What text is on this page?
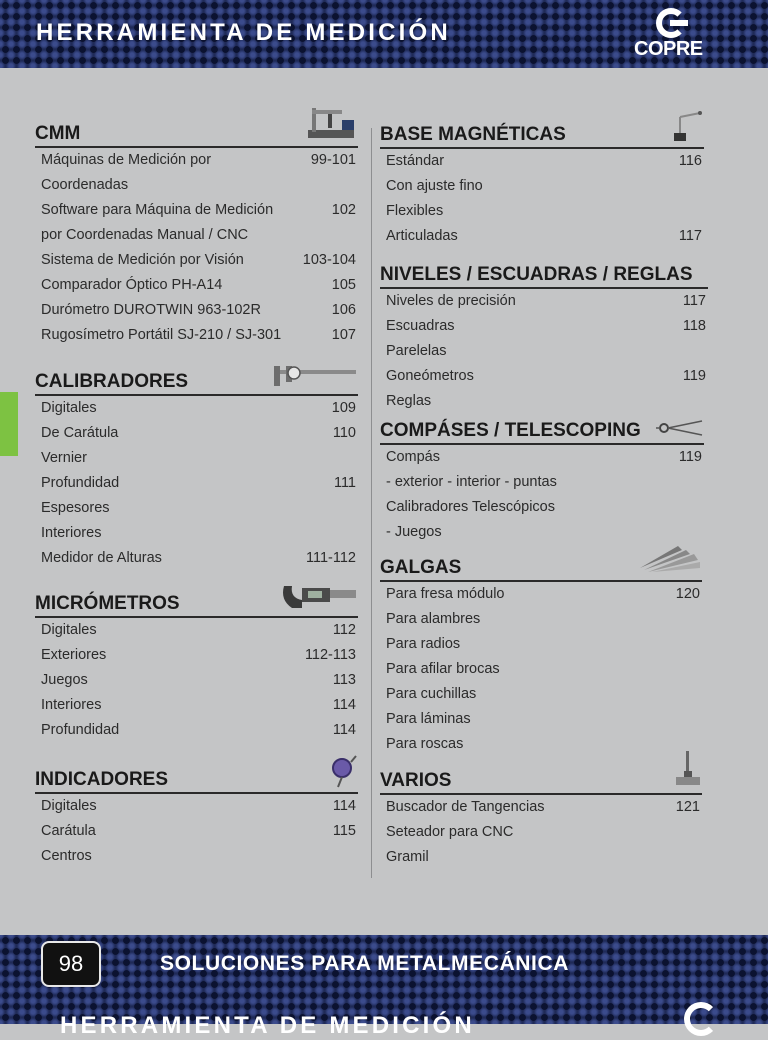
HERRAMIENTA DE MEDICIÓN
COPRE
CMM
Máquinas de Medición por	99-101
Coordenadas
Software para Máquina de Medición	102
por Coordenadas Manual / CNC
Sistema de Medición por Visión	103-104
Comparador Óptico PH-A14	105
Durómetro DUROTWIN 963-102R	106
Rugosímetro Portátil SJ-210 / SJ-301	107
CALIBRADORES
Digitales	109
De Carátula	110
Vernier
Profundidad	111
Espesores
Interiores
Medidor de Alturas	111-112
MICRÓMETROS
Digitales	112
Exteriores	112-113
Juegos	113
Interiores	114
Profundidad	114
INDICADORES
Digitales	114
Carátula	115
Centros
BASE MAGNÉTICAS
Estándar	116
Con ajuste fino
Flexibles
Articuladas	117
NIVELES / ESCUADRAS / REGLAS
Niveles de precisión	117
Escuadras	118
Parelelas
Goneómetros	119
Reglas
COMPÁSES / TELESCOPING
Compás	119
- exterior - interior - puntas
Calibradores Telescópicos
- Juegos
GALGAS
Para fresa módulo	120
Para alambres
Para radios
Para afilar brocas
Para cuchillas
Para láminas
Para roscas
VARIOS
Buscador de Tangencias	121
Seteador para CNC
Gramil
98	SOLUCIONES PARA METALMECÁNICA
HERRAMIENTA DE MEDICIÓN
